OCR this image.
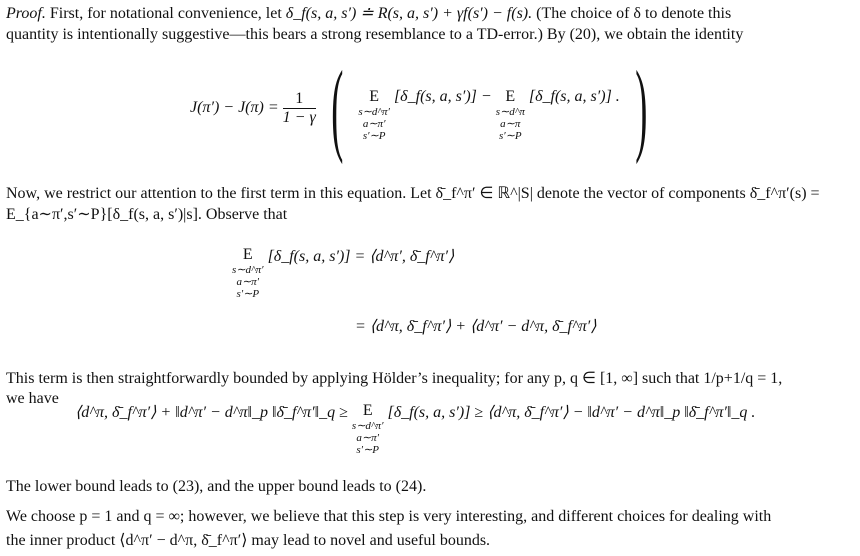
Proof. First, for notational convenience, let δ_f(s, a, s′) ≐ R(s, a, s′) + γf(s′) − f(s). (The choice of δ to denote this
quantity is intentionally suggestive—this bears a strong resemblance to a TD-error.) By (20), we obtain the identity
$J(\pi') - J(\pi) = \frac{1}{1 - \gamma}$ (	E
s∼d^π′
a∼π′
s′∼P
[δ_f(s, a, s′)] − E
s∼d^π
a∼π
s′∼P
[δ_f(s, a, s′)] . )
Now, we restrict our attention to the first term in this equation. Let δ̄_f^π′ ∈ ℝ^|S| denote the vector of components δ̄_f^π′(s) =
E_{a∼π′,s′∼P}[δ_f(s, a, s′)|s]. Observe that
E
s∼d^π′
a∼π′
s′∼P
[δ_f(s, a, s′)] = ⟨d^π′, δ̄_f^π′⟩
= ⟨d^π, δ̄_f^π′⟩ + ⟨d^π′ − d^π, δ̄_f^π′⟩
This term is then straightforwardly bounded by applying Hölder’s inequality; for any p, q ∈ [1, ∞] such that 1/p+1/q = 1,
we have
⟨d^π, δ̄_f^π′⟩ + ‖d^π′ − d^π‖_p ‖δ̄_f^π′‖_q ≥ E
s∼d^π′
a∼π′
s′∼P
[δ_f(s, a, s′)] ≥ ⟨d^π, δ̄_f^π′⟩ − ‖d^π′ − d^π‖_p ‖δ̄_f^π′‖_q .
The lower bound leads to (23), and the upper bound leads to (24).
We choose p = 1 and q = ∞; however, we believe that this step is very interesting, and different choices for dealing with
the inner product ⟨d^π′ − d^π, δ̄_f^π′⟩ may lead to novel and useful bounds.
